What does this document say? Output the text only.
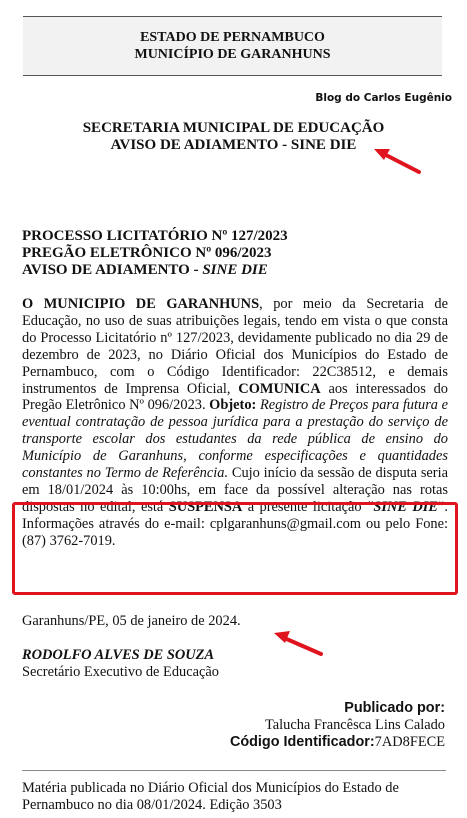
ESTADO DE PERNAMBUCO
MUNICÍPIO DE GARANHUNS
Blog do Carlos Eugênio
SECRETARIA MUNICIPAL DE EDUCAÇÃO
AVISO DE ADIAMENTO - SINE DIE
PROCESSO LICITATÓRIO Nº 127/2023
PREGÃO ELETRÔNICO Nº 096/2023
AVISO DE ADIAMENTO - SINE DIE
O MUNICIPIO DE GARANHUNS, por meio da Secretaria de Educação, no uso de suas atribuições legais, tendo em vista o que consta do Processo Licitatório nº 127/2023, devidamente publicado no dia 29 de dezembro de 2023, no Diário Oficial dos Municípios do Estado de Pernambuco, com o Código Identificador: 22C38512, e demais instrumentos de Imprensa Oficial, COMUNICA aos interessados do Pregão Eletrônico Nº 096/2023. Objeto: Registro de Preços para futura e eventual contratação de pessoa jurídica para a prestação do serviço de transporte escolar dos estudantes da rede pública de ensino do Município de Garanhuns, conforme especificações e quantidades constantes no Termo de Referência. Cujo início da sessão de disputa seria em 18/01/2024 às 10:00hs, em face da possível alteração nas rotas dispostas no edital, está SUSPENSA a presente licitação “SINE DIE”. Informações através do e-mail: cplgaranhuns@gmail.com ou pelo Fone: (87) 3762-7019.
Garanhuns/PE, 05 de janeiro de 2024.
RODOLFO ALVES DE SOUZA
Secretário Executivo de Educação
Publicado por:
Talucha Francêsca Lins Calado
Código Identificador:7AD8FECE
Matéria publicada no Diário Oficial dos Municípios do Estado de Pernambuco no dia 08/01/2024. Edição 3503
